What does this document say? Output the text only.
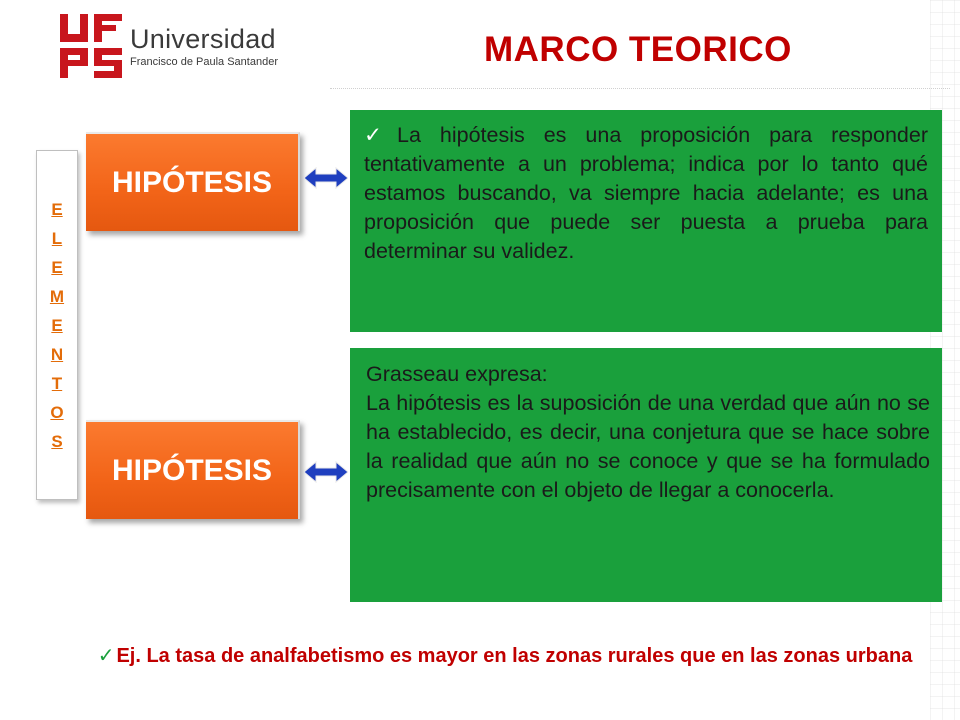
Universidad
Francisco de Paula Santander	MARCO TEORICO
E
L
E
M
E
N
T
O
S
HIPÓTESIS
HIPÓTESIS
✓La hipótesis es una proposición para responder tentativamente a un problema; indica por lo tanto qué estamos buscando, va siempre hacia adelante; es una proposición que puede ser puesta a prueba para determinar su validez.
Grasseau expresa:
La hipótesis es la suposición de una verdad que aún no se ha establecido, es decir, una conjetura que se hace sobre la realidad que aún no se conoce y que se ha formulado precisamente con el objeto de llegar a conocerla.
✓ Ej. La tasa de analfabetismo es mayor en las zonas rurales que en las zonas urbana
